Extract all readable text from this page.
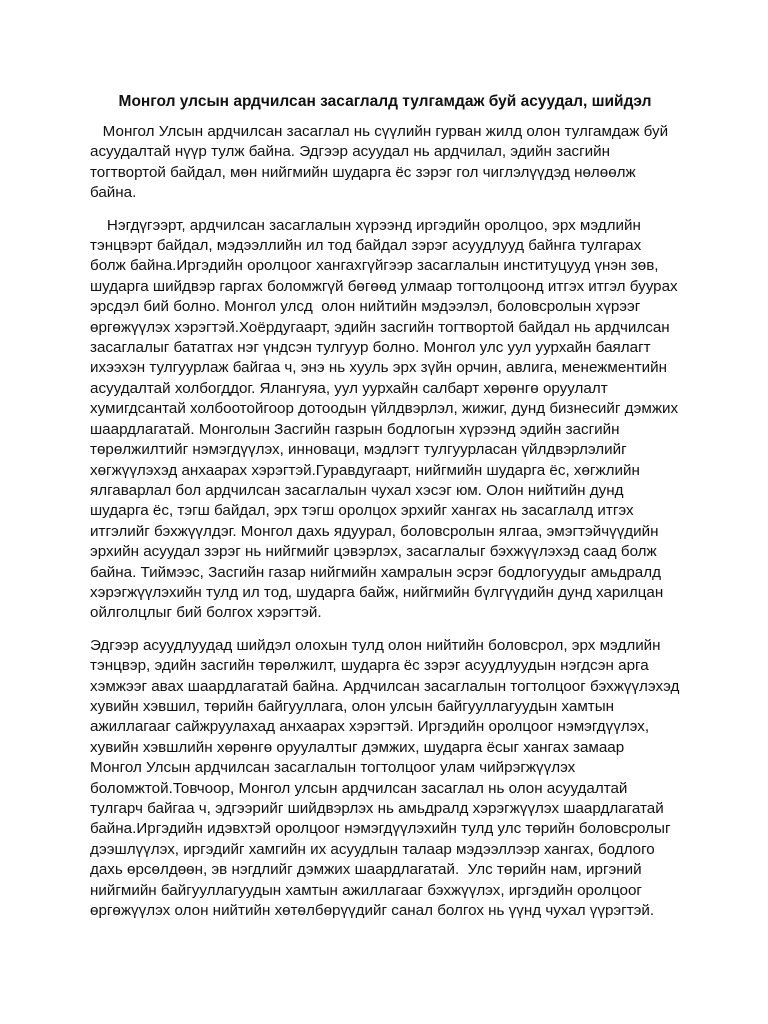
Монгол улсын ардчилсан засаглалд тулгамдаж буй асуудал, шийдэл

Монгол Улсын ардчилсан засаглал нь сүүлийн гурван жилд олон тулгамдаж буй асуудалтай нүүр тулж байна. Эдгээр асуудал нь ардчилал, эдийн засгийн тогтвортой байдал, мөн нийгмийн шударга ёс зэрэг гол чиглэлүүдэд нөлөөлж байна.

Нэгдүгээрт, ардчилсан засаглалын хүрээнд иргэдийн оролцоо, эрх мэдлийн тэнцвэрт байдал, мэдээллийн ил тод байдал зэрэг асуудлууд байнга тулгарах болж байна.Иргэдийн оролцоог хангахгүйгээр засаглалын институцууд үнэн зөв, шударга шийдвэр гаргах боломжгүй бөгөөд улмаар тогтолцоонд итгэх итгэл буурах эрсдэл бий болно. Монгол улсд  олон нийтийн мэдээлэл, боловсролын хүрээг өргөжүүлэх хэрэгтэй.Хоёрдугаарт, эдийн засгийн тогтвортой байдал нь ардчилсан засаглалыг бататгах нэг үндсэн тулгуур болно. Монгол улс уул уурхайн баялагт ихээхэн тулгуурлаж байгаа ч, энэ нь хууль эрх зүйн орчин, авлига, менежментийн асуудалтай холбогддог. Ялангуяа, уул уурхайн салбарт хөрөнгө оруулалт хумигдсантай холбоотойгоор дотоодын үйлдвэрлэл, жижиг, дунд бизнесийг дэмжих шаардлагатай. Монголын Засгийн газрын бодлогын хүрээнд эдийн засгийн төрөлжилтийг нэмэгдүүлэх, инноваци, мэдлэгт тулгуурласан үйлдвэрлэлийг хөгжүүлэхэд анхаарах хэрэгтэй.Гуравдугаарт, нийгмийн шударга ёс, хөгжлийн ялгаварлал бол ардчилсан засаглалын чухал хэсэг юм. Олон нийтийн дунд шударга ёс, тэгш байдал, эрх тэгш оролцох эрхийг хангах нь засаглалд итгэх итгэлийг бэхжүүлдэг. Монгол дахь ядуурал, боловсролын ялгаа, эмэгтэйчүүдийн эрхийн асуудал зэрэг нь нийгмийг цэвэрлэх, засаглалыг бэхжүүлэхэд саад болж байна. Тиймээс, Засгийн газар нийгмийн хамралын эсрэг бодлогуудыг амьдралд хэрэгжүүлэхийн тулд ил тод, шударга байж, нийгмийн бүлгүүдийн дунд харилцан ойлголцлыг бий болгох хэрэгтэй.

Эдгээр асуудлуудад шийдэл олохын тулд олон нийтийн боловсрол, эрх мэдлийн тэнцвэр, эдийн засгийн төрөлжилт, шударга ёс зэрэг асуудлуудын нэгдсэн арга хэмжээг авах шаардлагатай байна. Ардчилсан засаглалын тогтолцоог бэхжүүлэхэд хувийн хэвшил, төрийн байгууллага, олон улсын байгууллагуудын хамтын ажиллагааг сайжруулахад анхаарах хэрэгтэй. Иргэдийн оролцоог нэмэгдүүлэх, хувийн хэвшлийн хөрөнгө оруулалтыг дэмжих, шударга ёсыг хангах замаар Монгол Улсын ардчилсан засаглалын тогтолцоог улам чийрэгжүүлэх боломжтой.Товчоор, Монгол улсын ардчилсан засаглал нь олон асуудалтай тулгарч байгаа ч, эдгээрийг шийдвэрлэх нь амьдралд хэрэгжүүлэх шаардлагатай байна.Иргэдийн идэвхтэй оролцоог нэмэгдүүлэхийн тулд улс төрийн боловсролыг дээшлүүлэх, иргэдийг хамгийн их асуудлын талаар мэдээллээр хангах, бодлого дахь өрсөлдөөн, эв нэгдлийг дэмжих шаардлагатай.  Улс төрийн нам, иргэний нийгмийн байгууллагуудын хамтын ажиллагааг бэхжүүлэх, иргэдийн оролцоог өргөжүүлэх олон нийтийн хөтөлбөрүүдийг санал болгох нь үүнд чухал үүрэгтэй.
